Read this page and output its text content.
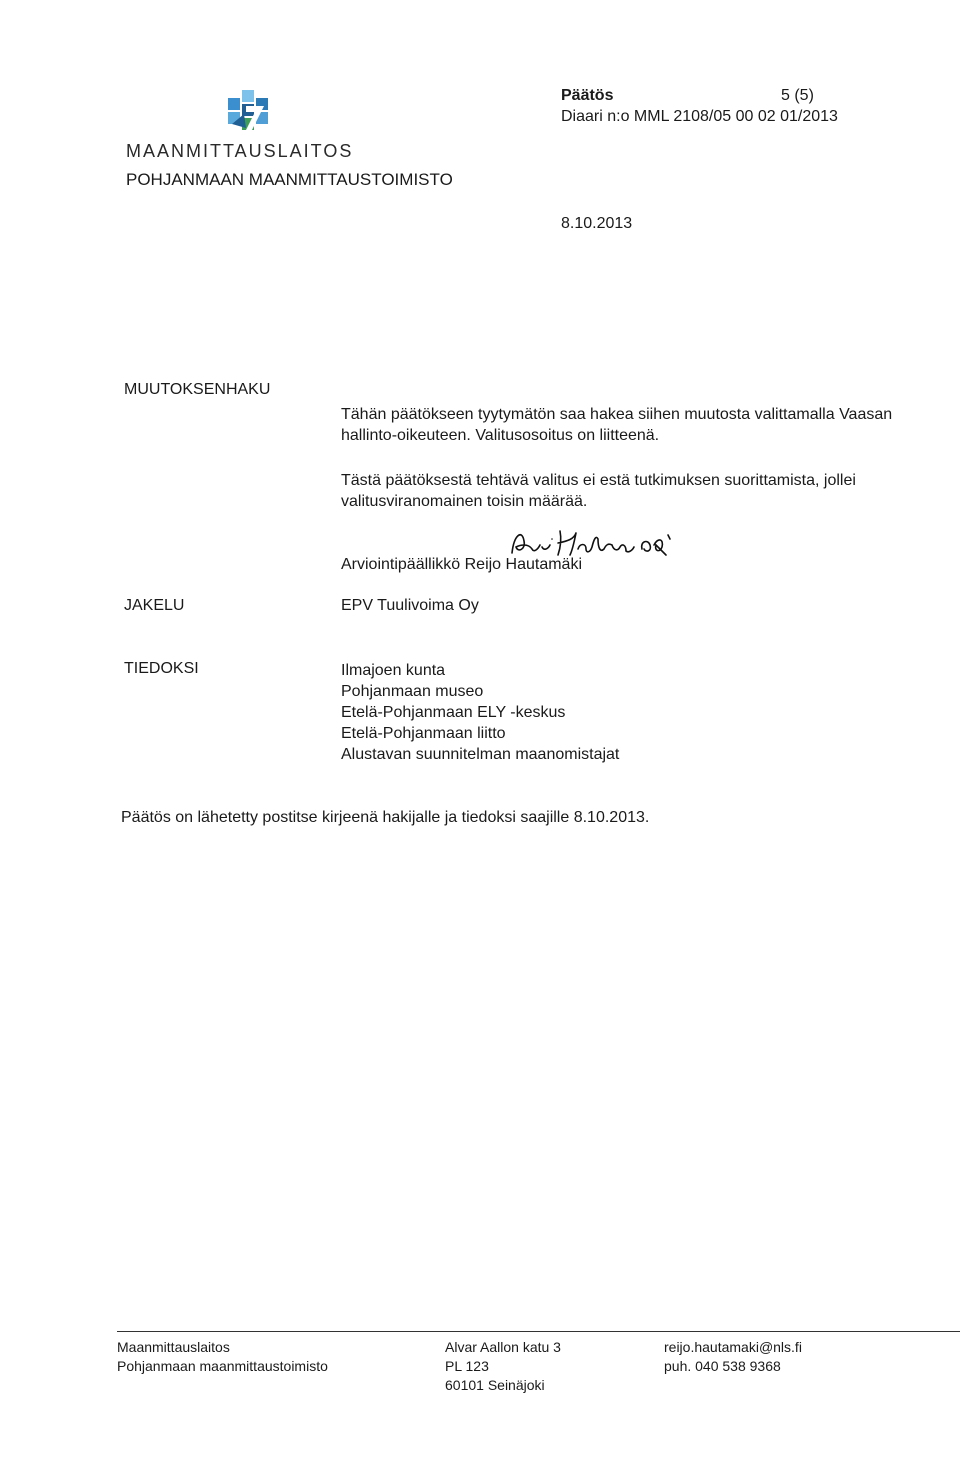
MAANMITTAUSLAITOS
POHJANMAAN MAANMITTAUSTOIMISTO
Päätös	5 (5)
Diaari n:o MML 2108/05 00 02 01/2013
8.10.2013
MUUTOKSENHAKU
Tähän päätökseen tyytymätön saa hakea siihen muutosta valittamalla Vaasan hallinto-oikeuteen. Valitusosoitus on liitteenä.
Tästä päätöksestä tehtävä valitus ei estä tutkimuksen suorittamista, jollei valitusviranomainen toisin määrää.
Arviointipäällikkö Reijo Hautamäki
JAKELU	EPV Tuulivoima Oy
TIEDOKSI	Ilmajoen kunta
Pohjanmaan museo
Etelä-Pohjanmaan ELY -keskus
Etelä-Pohjanmaan liitto
Alustavan suunnitelman maanomistajat
Päätös on lähetetty postitse kirjeenä hakijalle ja tiedoksi saajille 8.10.2013.
Maanmittauslaitos
Pohjanmaan maanmittaustoimisto
Alvar Aallon katu 3
PL 123
60101 Seinäjoki
reijo.hautamaki@nls.fi
puh. 040 538 9368
